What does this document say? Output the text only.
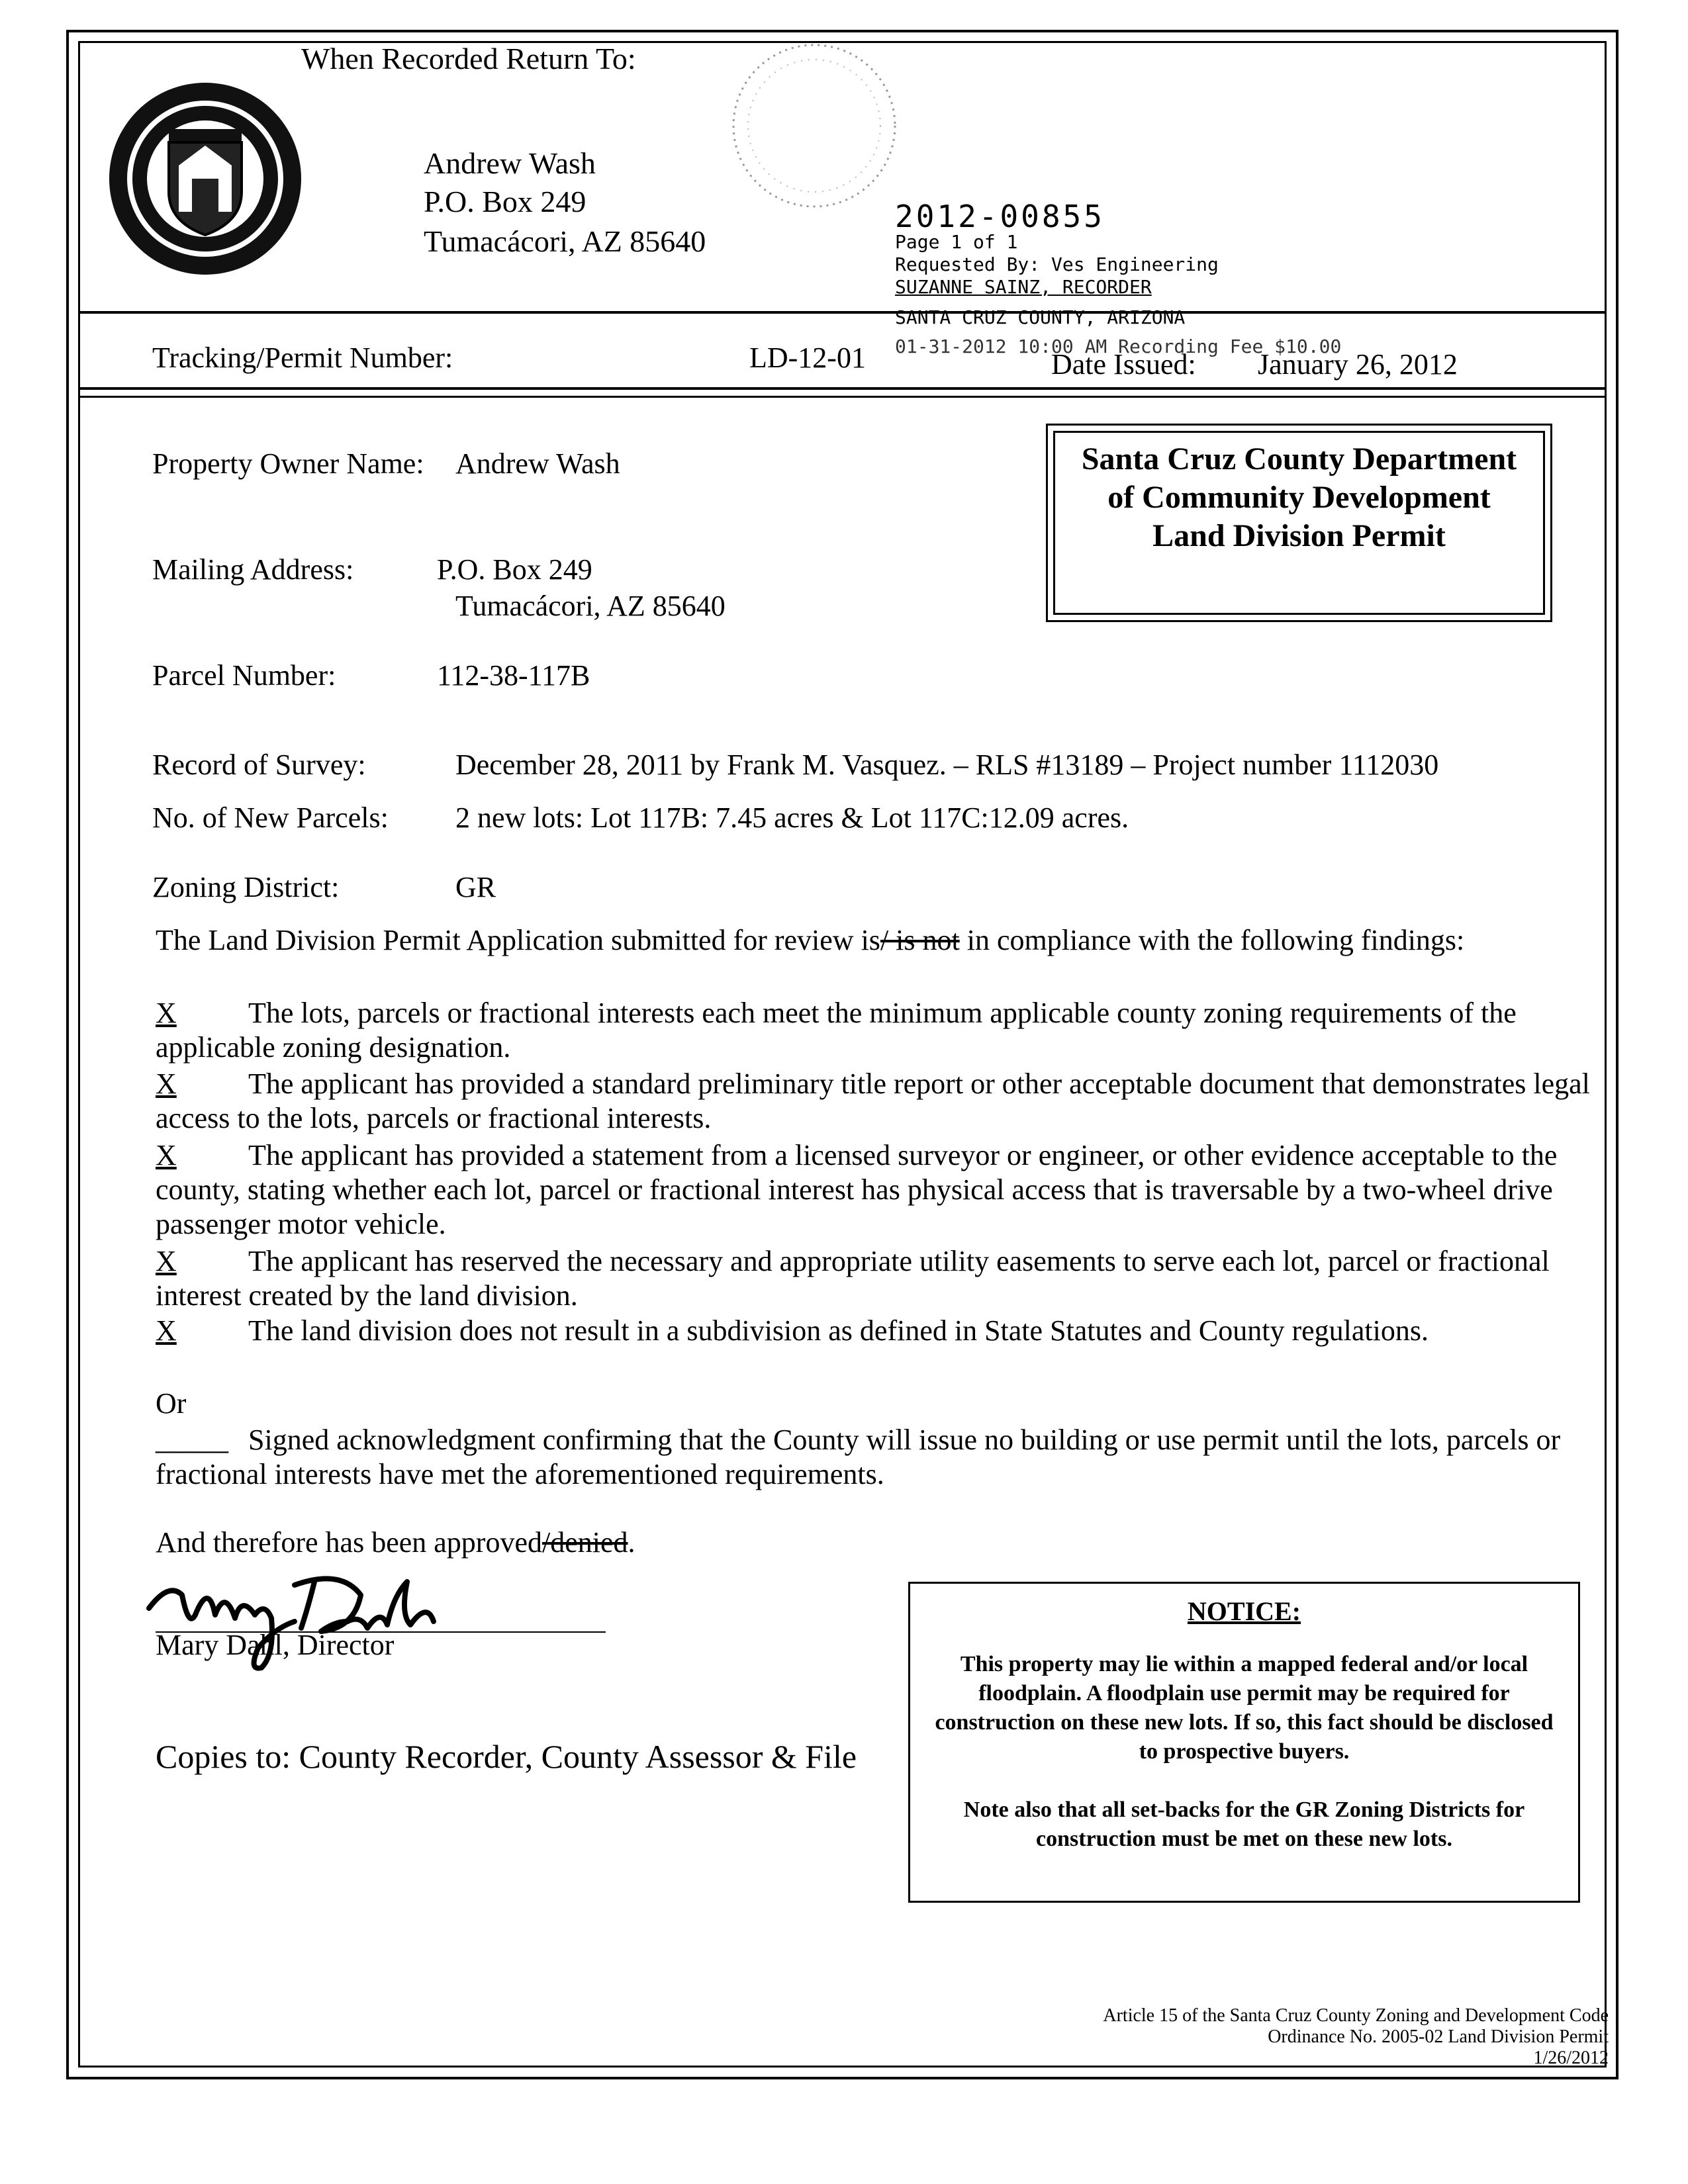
When Recorded Return To:
Andrew Wash
P.O. Box 249
Tumacácori, AZ 85640
2012-00855
Page 1 of 1
Requested By: Ves Engineering
SUZANNE SAINZ, RECORDER
SANTA CRUZ COUNTY, ARIZONA
01-31-2012 10:00 AM Recording Fee $10.00
Tracking/Permit Number:	LD-12-01	Date Issued: January 26, 2012
Santa Cruz County Department
of Community Development
Land Division Permit
Property Owner Name: Andrew Wash
Mailing Address:	P.O. Box 249
Tumacácori, AZ 85640
Parcel Number:	112-38-117B
Record of Survey:	December 28, 2011 by Frank M. Vasquez. – RLS #13189 – Project number 1112030
No. of New Parcels: 2 new lots: Lot 117B: 7.45 acres & Lot 117C:12.09 acres.
Zoning District:	GR
The Land Division Permit Application submitted for review is/ is not in compliance with the following findings:
X The lots, parcels or fractional interests each meet the minimum applicable county zoning requirements of the applicable zoning designation.
X The applicant has provided a standard preliminary title report or other acceptable document that demonstrates legal access to the lots, parcels or fractional interests.
X The applicant has provided a statement from a licensed surveyor or engineer, or other evidence acceptable to the county, stating whether each lot, parcel or fractional interest has physical access that is traversable by a two-wheel drive passenger motor vehicle.
X The applicant has reserved the necessary and appropriate utility easements to serve each lot, parcel or fractional interest created by the land division.
X The land division does not result in a subdivision as defined in State Statutes and County regulations.
Or
_____ Signed acknowledgment confirming that the County will issue no building or use permit until the lots, parcels or fractional interests have met the aforementioned requirements.
And therefore has been approved/denied.
Mary Dahl, Director
Copies to: County Recorder, County Assessor & File
NOTICE:
This property may lie within a mapped federal and/or local floodplain. A floodplain use permit may be required for construction on these new lots. If so, this fact should be disclosed to prospective buyers.
Note also that all set-backs for the GR Zoning Districts for construction must be met on these new lots.
Article 15 of the Santa Cruz County Zoning and Development Code
Ordinance No. 2005-02 Land Division Permit
1/26/2012
